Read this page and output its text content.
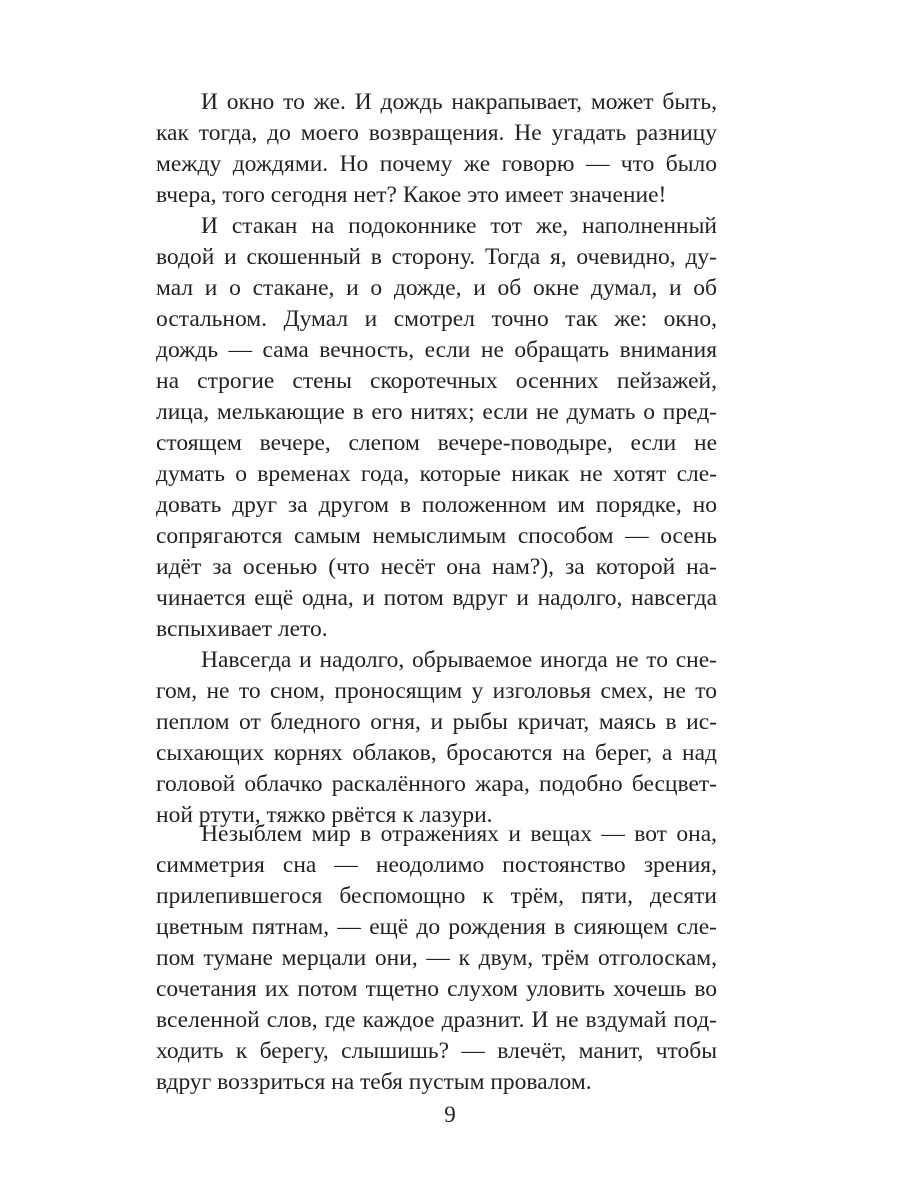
И окно то же. И дождь накрапывает, может быть,
как тогда, до моего возвращения. Не угадать разницу
между дождями. Но почему же говорю — что было
вчера, того сегодня нет? Какое это имеет значение!

И стакан на подоконнике тот же, наполненный
водой и скошенный в сторону. Тогда я, очевидно, ду-
мал и о стакане, и о дожде, и об окне думал, и об
остальном. Думал и смотрел точно так же: окно,
дождь — сама вечность, если не обращать внимания
на строгие стены скоротечных осенних пейзажей,
лица, мелькающие в его нитях; если не думать о пред-
стоящем вечере, слепом вечере-поводыре, если не
думать о временах года, которые никак не хотят сле-
довать друг за другом в положенном им порядке, но
сопрягаются самым немыслимым способом — осень
идёт за осенью (что несёт она нам?), за которой на-
чинается ещё одна, и потом вдруг и надолго, навсегда
вспыхивает лето.

Навсегда и надолго, обрываемое иногда не то сне-
гом, не то сном, проносящим у изголовья смех, не то
пеплом от бледного огня, и рыбы кричат, маясь в ис-
сыхающих корнях облаков, бросаются на берег, а над
головой облачко раскалённого жара, подобно бесцвет-
ной ртути, тяжко рвётся к лазури.

Незыблем мир в отражениях и вещах — вот она,
симметрия сна — неодолимо постоянство зрения,
прилепившегося беспомощно к трём, пяти, десяти
цветным пятнам, — ещё до рождения в сияющем сле-
пом тумане мерцали они, — к двум, трём отголоскам,
сочетания их потом тщетно слухом уловить хочешь во
вселенной слов, где каждое дразнит. И не вздумай под-
ходить к берегу, слышишь? — влечёт, манит, чтобы
вдруг воззриться на тебя пустым провалом.

9
